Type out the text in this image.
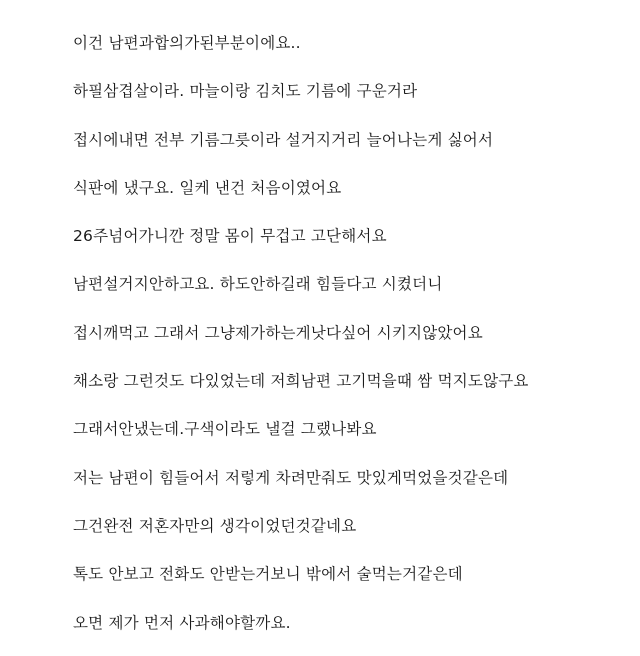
이건 남편과합의가된부분이에요..
하필삼겹살이라. 마늘이랑 김치도 기름에 구운거라
접시에내면 전부 기름그릇이라 설거지거리 늘어나는게 싫어서
식판에 냈구요. 일케 낸건 처음이였어요
26주넘어가니깐 정말 몸이 무겁고 고단해서요
남편설거지안하고요. 하도안하길래 힘들다고 시켰더니
접시깨먹고 그래서 그냥제가하는게낫다싶어 시키지않았어요
채소랑 그런것도 다있었는데 저희남편 고기먹을때 쌈 먹지도않구요
그래서안냈는데.구색이라도 낼걸 그랬나봐요
저는 남편이 힘들어서 저렇게 차려만줘도 맛있게먹었을것같은데
그건완전 저혼자만의 생각이었던것같네요
톡도 안보고 전화도 안받는거보니 밖에서 술먹는거같은데
오면 제가 먼저 사과해야할까요.
